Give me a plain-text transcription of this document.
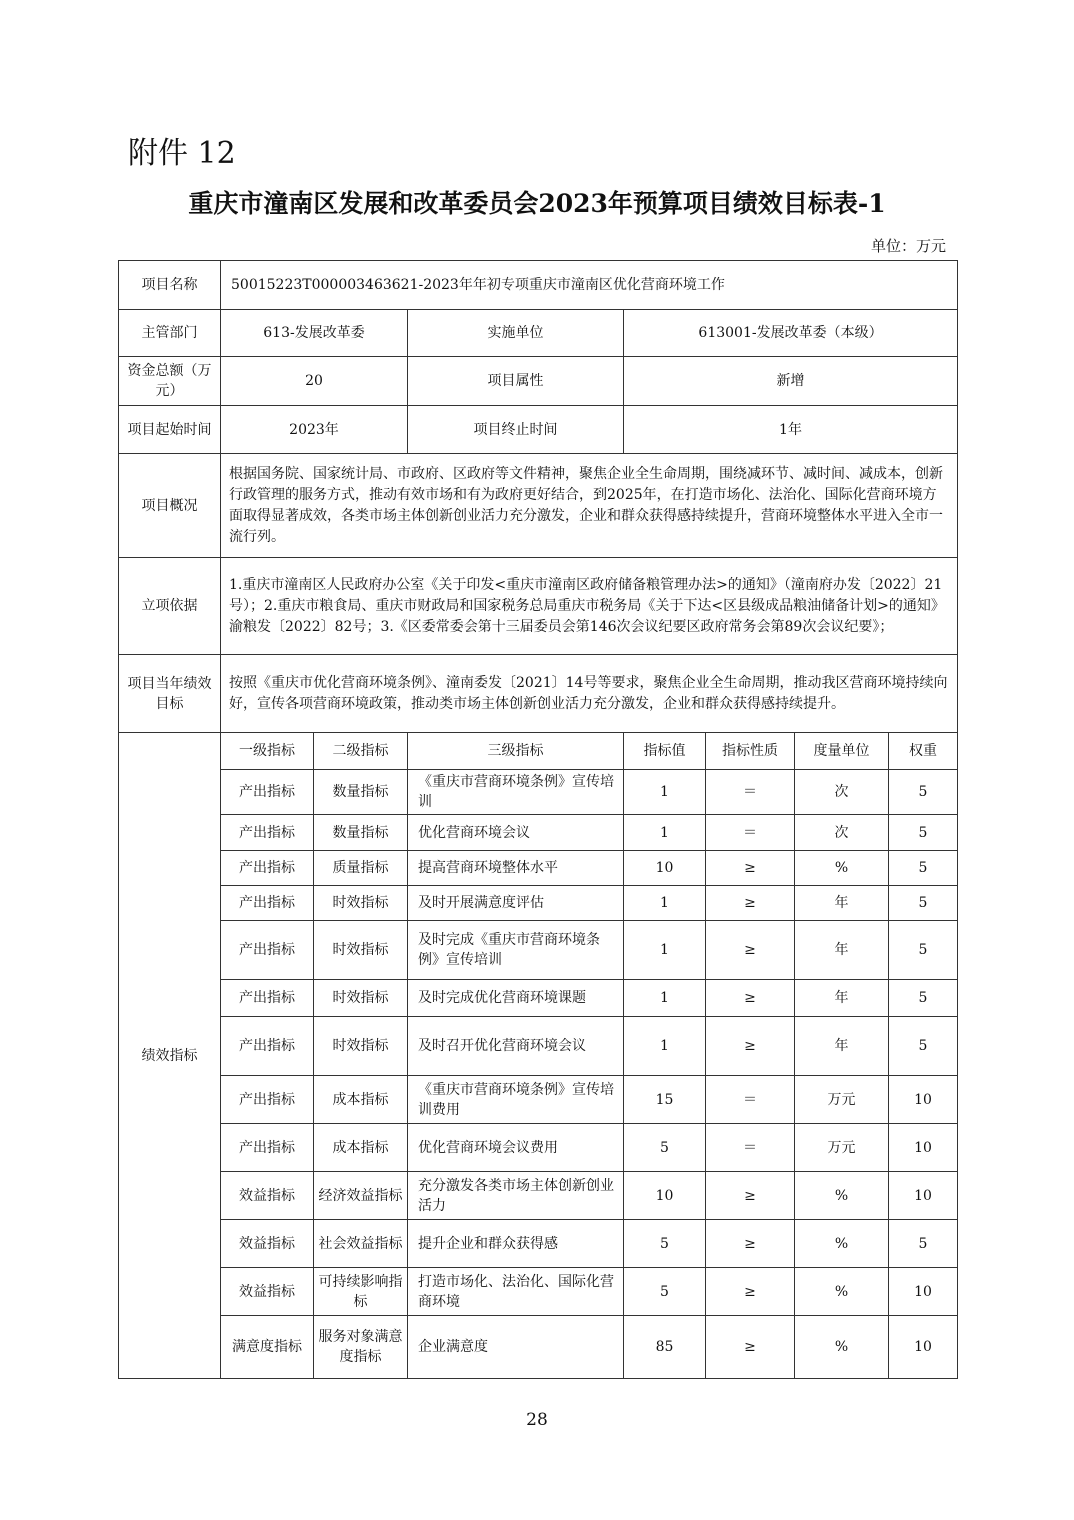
附件 12
重庆市潼南区发展和改革委员会2023年预算项目绩效目标表-1
单位：万元
项目名称	50015223T000003463621-2023年年初专项重庆市潼南区优化营商环境工作						
主管部门	613-发展改革委		实施单位	613001-发展改革委（本级）			
资金总额（万元）	20		项目属性	新增			
项目起始时间	2023年		项目终止时间	1年			
项目概况	根据国务院、国家统计局、市政府、区政府等文件精神，聚焦企业全生命周期，围绕减环节、减时间、减成本，创新行政管理的服务方式，推动有效市场和有为政府更好结合，到2025年，在打造市场化、法治化、国际化营商环境方面取得显著成效，各类市场主体创新创业活力充分激发，企业和群众获得感持续提升，营商环境整体水平进入全市一流行列。						
立项依据	1.重庆市潼南区人民政府办公室《关于印发<重庆市潼南区政府储备粮管理办法>的通知》（潼南府办发〔2022〕21号）；2.重庆市粮食局、重庆市财政局和国家税务总局重庆市税务局《关于下达<区县级成品粮油储备计划>的通知》渝粮发〔2022〕82号；3.《区委常委会第十三届委员会第146次会议纪要区政府常务会第89次会议纪要》；						
项目当年绩效目标	按照《重庆市优化营商环境条例》、潼南委发〔2021〕14号等要求，聚焦企业全生命周期，推动我区营商环境持续向好，宣传各项营商环境政策，推动类市场主体创新创业活力充分激发，企业和群众获得感持续提升。						
绩效指标	一级指标	二级指标	三级指标	指标值	指标性质	度量单位	权重
	产出指标	数量指标	《重庆市营商环境条例》宣传培训	1	＝	次	5
	产出指标	数量指标	优化营商环境会议	1	＝	次	5
	产出指标	质量指标	提高营商环境整体水平	10	≥	%	5
	产出指标	时效指标	及时开展满意度评估	1	≥	年	5
	产出指标	时效指标	及时完成《重庆市营商环境条例》宣传培训	1	≥	年	5
	产出指标	时效指标	及时完成优化营商环境课题	1	≥	年	5
	产出指标	时效指标	及时召开优化营商环境会议	1	≥	年	5
	产出指标	成本指标	《重庆市营商环境条例》宣传培训费用	15	＝	万元	10
	产出指标	成本指标	优化营商环境会议费用	5	＝	万元	10
	效益指标	经济效益指标	充分激发各类市场主体创新创业活力	10	≥	%	10
	效益指标	社会效益指标	提升企业和群众获得感	5	≥	%	5
	效益指标	可持续影响指标	打造市场化、法治化、国际化营商环境	5	≥	%	10
	满意度指标	服务对象满意度指标	企业满意度	85	≥	%	10
28
